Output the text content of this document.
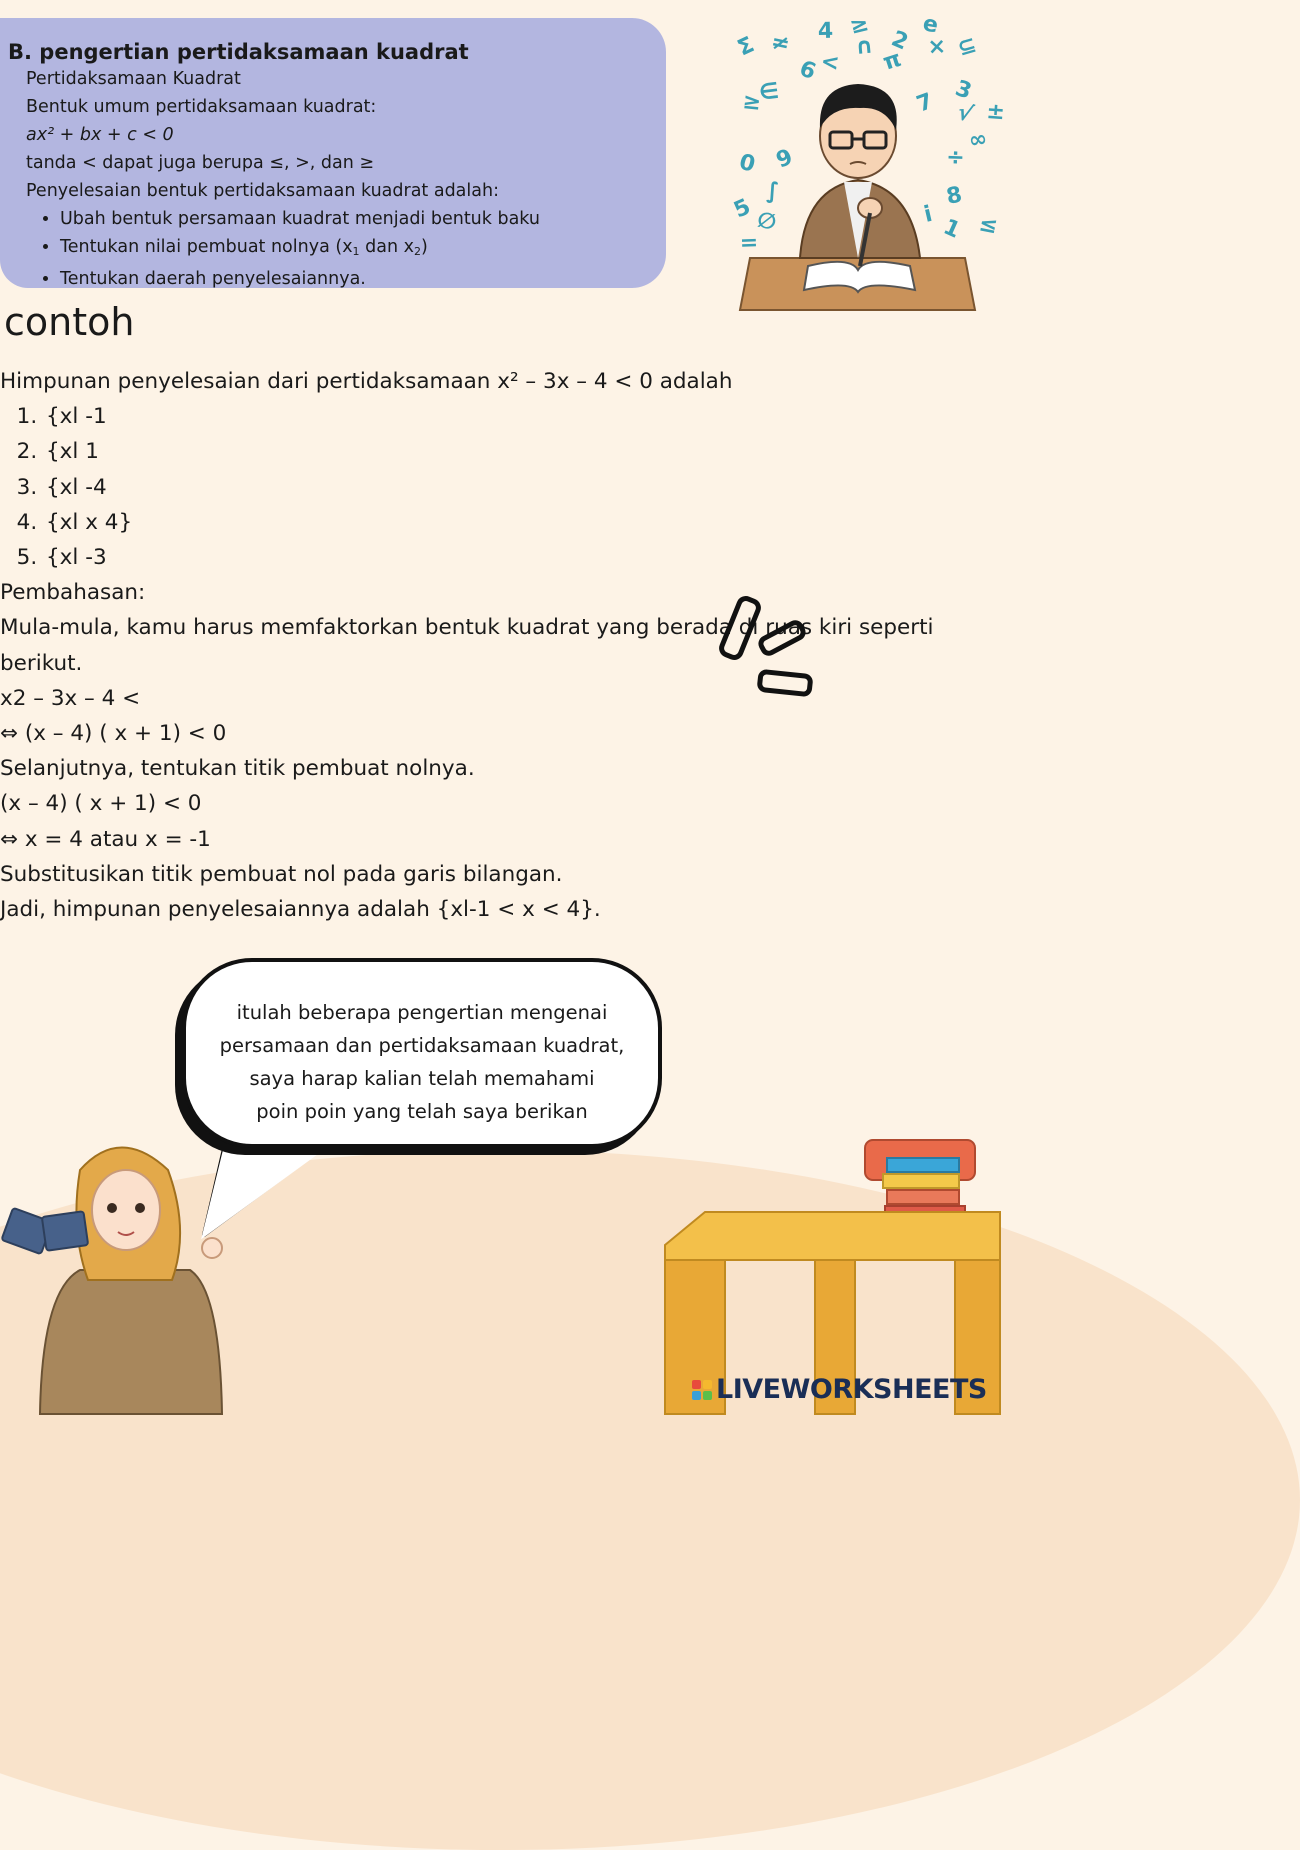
B. pengertian pertidaksamaan kuadrat

Pertidaksamaan Kuadrat

Bentuk umum pertidaksamaan kuadrat:

ax² + bx + c < 0

tanda < dapat juga berupa ≤, >, dan ≥

Penyelesaian bentuk pertidaksamaan kuadrat adalah:

• Ubah bentuk persamaan kuadrat menjadi bentuk baku
• Tentukan nilai pembuat nolnya ($x_1$ dan $x_2$)
• Tentukan daerah penyelesaiannya.
Σ ≠ 4 ≥
2
e
× ⊆
6 <
∩ π
3
≥
∈	7 √ ±
∞
9
0	÷
8
5 ∅
∫
i 1 ≤
=
contoh

Himpunan penyelesaian dari pertidaksamaan x² – 3x – 4 < 0 adalah

1. {xl -1
2. {xl 1
3. {xl -4
4. {xl x 4}
5. {xl -3

Pembahasan:

Mula-mula, kamu harus memfaktorkan bentuk kuadrat yang berada di ruas kiri seperti berikut.

x2 – 3x – 4 <

⇔ (x – 4) ( x + 1) < 0

Selanjutnya, tentukan titik pembuat nolnya.

(x – 4) ( x + 1) < 0

⇔ x = 4 atau x = -1

Substitusikan titik pembuat nol pada garis bilangan.

Jadi, himpunan penyelesaiannya adalah {xl-1 < x < 4}.

itulah beberapa pengertian mengenai

persamaan dan pertidaksamaan kuadrat,

saya harap kalian telah memahami

poin poin yang telah saya berikan

LIVEWORKSHEETS
